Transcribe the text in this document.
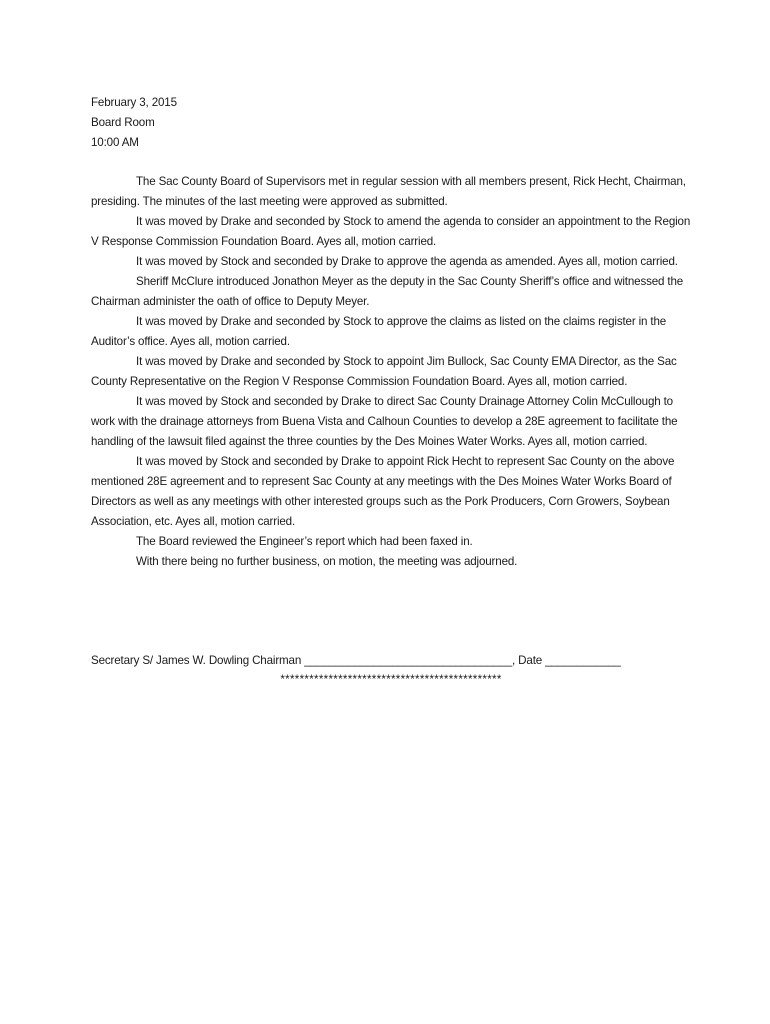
February 3, 2015
Board Room
10:00 AM

The Sac County Board of Supervisors met in regular session with all members present, Rick Hecht, Chairman, presiding. The minutes of the last meeting were approved as submitted.

It was moved by Drake and seconded by Stock to amend the agenda to consider an appointment to the Region V Response Commission Foundation Board. Ayes all, motion carried.

It was moved by Stock and seconded by Drake to approve the agenda as amended. Ayes all, motion carried.

Sheriff McClure introduced Jonathon Meyer as the deputy in the Sac County Sheriff’s office and witnessed the Chairman administer the oath of office to Deputy Meyer.

It was moved by Drake and seconded by Stock to approve the claims as listed on the claims register in the Auditor’s office. Ayes all, motion carried.

It was moved by Drake and seconded by Stock to appoint Jim Bullock, Sac County EMA Director, as the Sac County Representative on the Region V Response Commission Foundation Board. Ayes all, motion carried.

It was moved by Stock and seconded by Drake to direct Sac County Drainage Attorney Colin McCullough to work with the drainage attorneys from Buena Vista and Calhoun Counties to develop a 28E agreement to facilitate the handling of the lawsuit filed against the three counties by the Des Moines Water Works. Ayes all, motion carried.

It was moved by Stock and seconded by Drake to appoint Rick Hecht to represent Sac County on the above mentioned 28E agreement and to represent Sac County at any meetings with the Des Moines Water Works Board of Directors as well as any meetings with other interested groups such as the Pork Producers, Corn Growers, Soybean Association, etc. Ayes all, motion carried.

The Board reviewed the Engineer’s report which had been faxed in.

With there being no further business, on motion, the meeting was adjourned.

Secretary S/ James W. Dowling Chairman _________________________________, Date ____________
**********************************************
